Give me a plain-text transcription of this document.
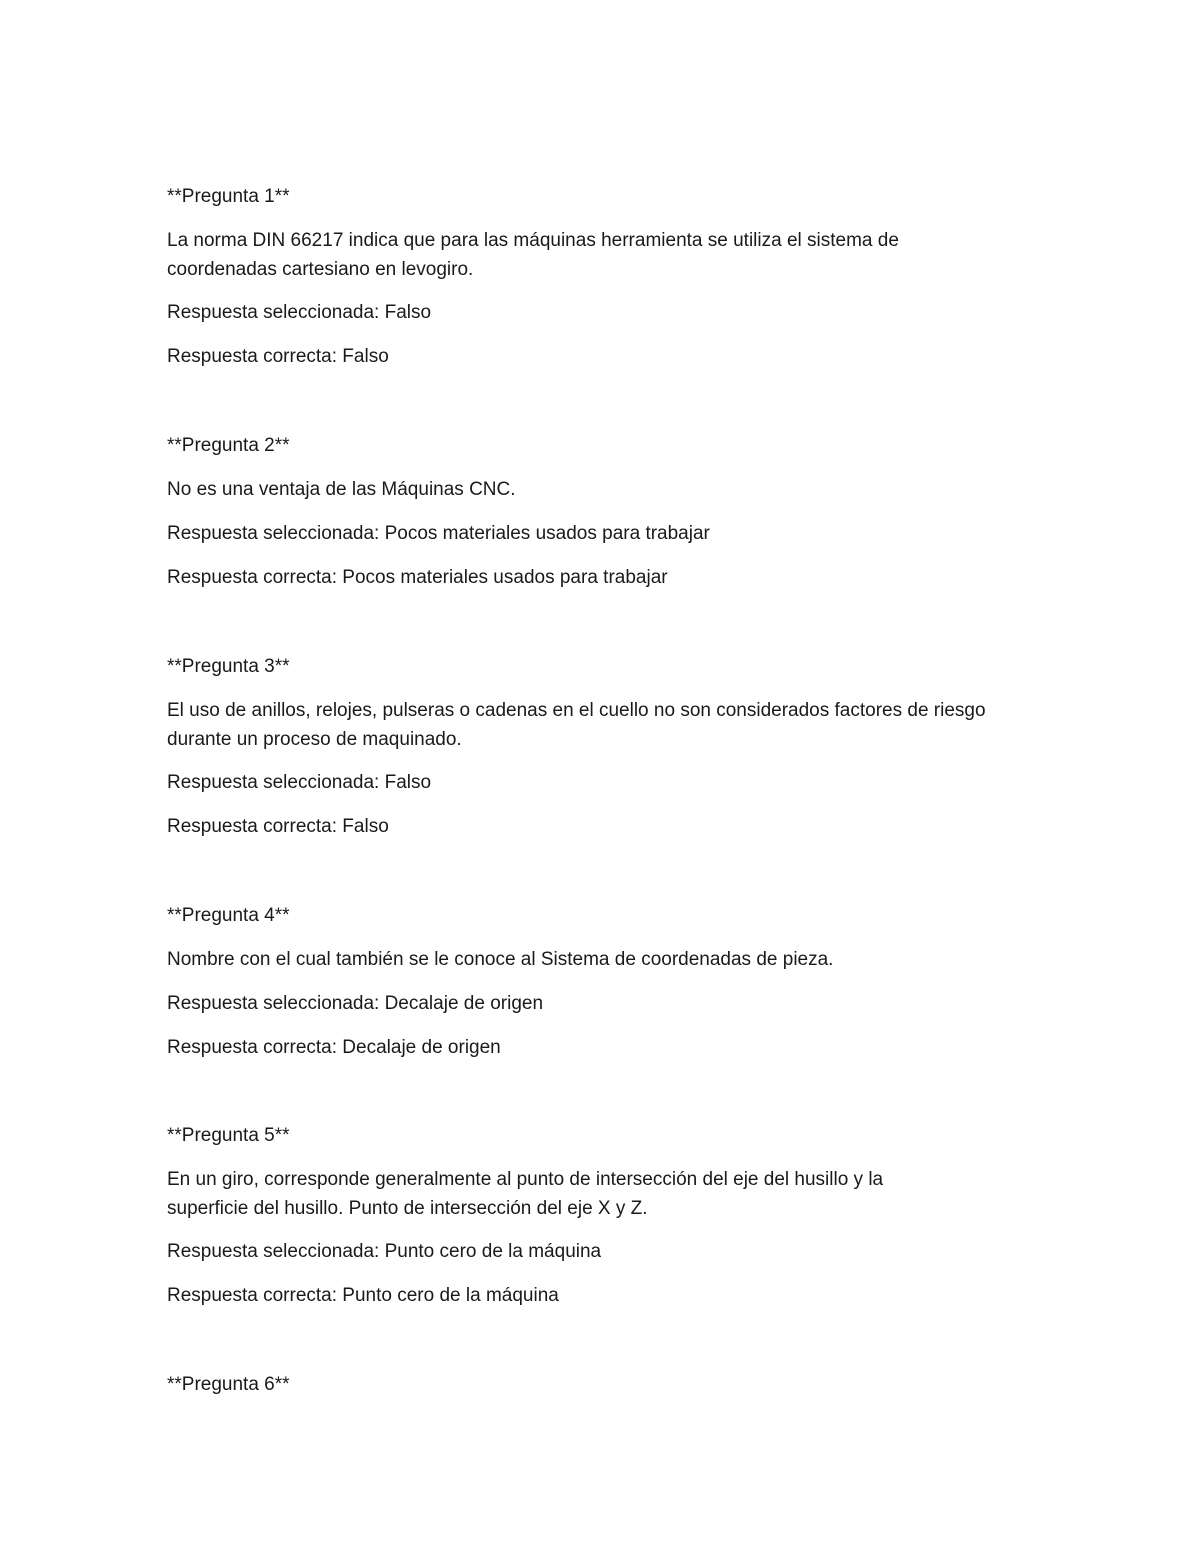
**Pregunta 1**

La norma DIN 66217 indica que para las máquinas herramienta se utiliza el sistema de coordenadas cartesiano en levogiro.

Respuesta seleccionada: Falso

Respuesta correcta: Falso

**Pregunta 2**

No es una ventaja de las Máquinas CNC.

Respuesta seleccionada: Pocos materiales usados para trabajar

Respuesta correcta: Pocos materiales usados para trabajar

**Pregunta 3**

El uso de anillos, relojes, pulseras o cadenas en el cuello no son considerados factores de riesgo durante un proceso de maquinado.

Respuesta seleccionada: Falso

Respuesta correcta: Falso

**Pregunta 4**

Nombre con el cual también se le conoce al Sistema de coordenadas de pieza.

Respuesta seleccionada: Decalaje de origen

Respuesta correcta: Decalaje de origen

**Pregunta 5**

En un giro, corresponde generalmente al punto de intersección del eje del husillo y la superficie del husillo. Punto de intersección del eje X y Z.

Respuesta seleccionada: Punto cero de la máquina

Respuesta correcta: Punto cero de la máquina

**Pregunta 6**
